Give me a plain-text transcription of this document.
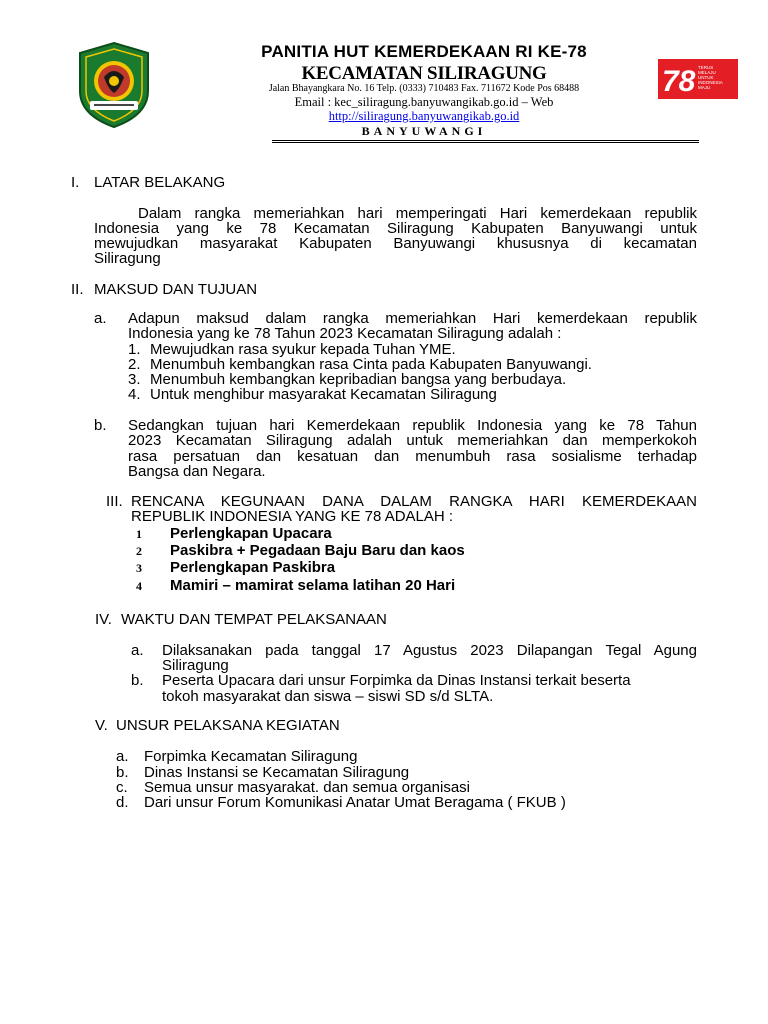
78 TERUS
MELAJU
UNTUK
INDONESIA
MAJU
PANITIA HUT KEMERDEKAAN RI KE-78
KECAMATAN SILIRAGUNG
Jalan Bhayangkara No. 16 Telp. (0333) 710483 Fax. 711672 Kode Pos 68488
Email : kec_siliragung.banyuwangikab.go.id – Web
http://siliragung.banyuwangikab.go.id
BANYUWANGI
I. LATAR BELAKANG
Dalam rangka memeriahkan hari memperingati Hari kemerdekaan republik
Indonesia yang ke 78 Kecamatan Siliragung Kabupaten Banyuwangi untuk
mewujudkan masyarakat Kabupaten Banyuwangi khususnya di kecamatan
Siliragung
II. MAKSUD DAN TUJUAN
a. Adapun maksud dalam rangka memeriahkan Hari kemerdekaan republik
Indonesia yang ke 78 Tahun 2023 Kecamatan Siliragung adalah :
1. Mewujudkan rasa syukur kepada Tuhan YME.
2. Menumbuh kembangkan rasa Cinta pada Kabupaten Banyuwangi.
3. Menumbuh kembangkan kepribadian bangsa yang berbudaya.
4. Untuk menghibur masyarakat Kecamatan Siliragung
b. Sedangkan tujuan hari Kemerdekaan republik Indonesia yang ke 78 Tahun
2023 Kecamatan Siliragung adalah untuk memeriahkan dan memperkokoh
rasa persatuan dan kesatuan dan menumbuh rasa sosialisme terhadap
Bangsa dan Negara.
III. RENCANA KEGUNAAN DANA DALAM RANGKA HARI KEMERDEKAAN
REPUBLIK INDONESIA YANG KE 78 ADALAH :
1 Perlengkapan Upacara
2 Paskibra + Pegadaan Baju Baru dan kaos
3 Perlengkapan Paskibra
4 Mamiri – mamirat selama latihan 20 Hari
IV. WAKTU DAN TEMPAT PELAKSANAAN
a. Dilaksanakan pada tanggal 17 Agustus 2023 Dilapangan Tegal Agung
Siliragung
b. Peserta Upacara dari unsur Forpimka da Dinas Instansi terkait beserta
tokoh masyarakat dan siswa – siswi SD s/d SLTA.
V. UNSUR PELAKSANA KEGIATAN
a. Forpimka Kecamatan Siliragung
b. Dinas Instansi se Kecamatan Siliragung
c. Semua unsur masyarakat. dan semua organisasi
d. Dari unsur Forum Komunikasi Anatar Umat Beragama ( FKUB )
